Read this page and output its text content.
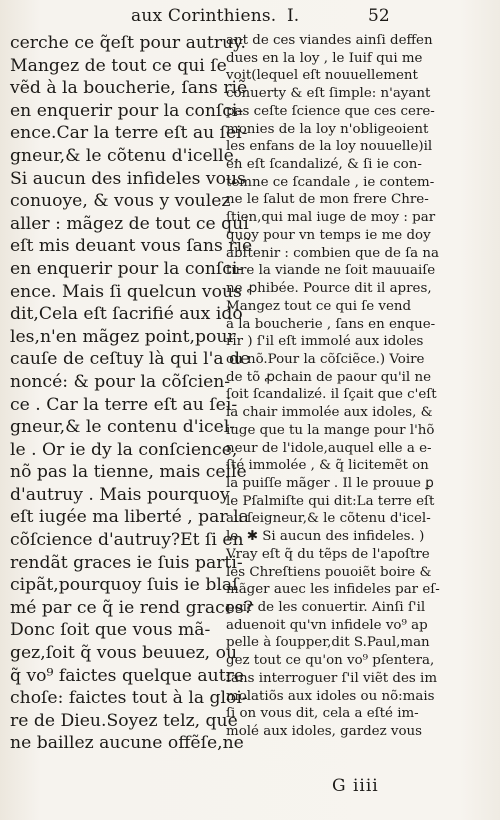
aux Corinthiens. I.	52
cerche ce q̃eſt pour autruy.
Mangez de tout ce qui ſe
vẽd à la boucherie, ſans riẽ
en enquerir pour la conſci-
ence.Car la terre eſt au ſei-
gneur,& le cõtenu d'icelle.
Si aucun des infideles vous
conuoye, & vous y voulez
aller : mãgez de tout ce qui
eſt mis deuant vous ſans riẽ
en enquerir pour la conſci-
ence. Mais ſi quelcun vous
dit,Cela eſt ſacrifié aux ido
les,n'en mãgez point,pour
cauſe de ceſtuy là qui l'a de
noncé: & pour la cõſcien-
ce . Car la terre eſt au ſei-
gneur,& le contenu d'icel-
le . Or ie dy la conſcience,
nõ pas la tienne, mais celle
d'autruy . Mais pourquoy
eſt iugée ma liberté , par la
cõſcience d'autruy?Et ſi en
rendãt graces ie ſuis parti-
cipãt,pourquoy ſuis ie blaſ
mé par ce q̃ ie rend graces?
Donc ſoit que vous mã-
gez,ſoit q̃ vous beuuez, ou
q̃ vo⁹ faictes quelque autre
choſe: faictes tout à la gloi-
re de Dieu.Soyez telz, que
ne baillez aucune offẽſe,ne
ant de ces viandes ainſi deffen
dues en la loy , le Iuif qui me
voit(lequel eſt nouuellement
conuerty & eſt ſimple: n'ayant
pas ceſte ſcience que ces cere-
monies de la loy n'obligeoient
les enfans de la loy nouuelle)il
en eſt ſcandalizé, & ſi ie con-
temne ce ſcandale , ie contem-
ne le ſalut de mon frere Chre-
ſtien,qui mal iuge de moy : par
quoy pour vn temps ie me doy
abſtenir : combien que de ſa na
ture la viande ne ſoit mauuaiſe
ne ꝓhibée. Pource dit il apres,
Mangez tout ce qui ſe vend
à la boucherie , ſans en enque-
rir ) ſ'il eſt immolé aux idoles
ou nõ.Pour la cõſciẽce.) Voire
de tõ ꝓchain de paour qu'il ne
ſoit ſcandalizé. il ſçait que c'eſt
la chair immolée aux idoles, &
iuge que tu la mange pour l'hõ
neur de l'idole,auquel elle a e-
ſté immolée , & q̃ licitemẽt on
la puiſſe mãger . Il le prouue ꝑ
le Pſalmiſte qui dit:La terre eſt
au ſeigneur,& le cõtenu d'icel-
le. ✱ Si aucun des infideles. )
Vray eſt q̃ du tẽps de l'apoſtre
les Chreſtiens pouoiẽt boire &
mãger auec les infideles par eſ-
poir de les conuertir. Ainſi ſ'il
aduenoit qu'vn infidele vo⁹ ap
pelle à ſoupper,dit S.Paul,man
gez tout ce qu'on vo⁹ pſentera,
ſans interroguer ſ'il viẽt des im
molatiõs aux idoles ou nõ:mais
ſi on vous dit, cela a eſté im-
molé aux idoles, gardez vous
G iiii
